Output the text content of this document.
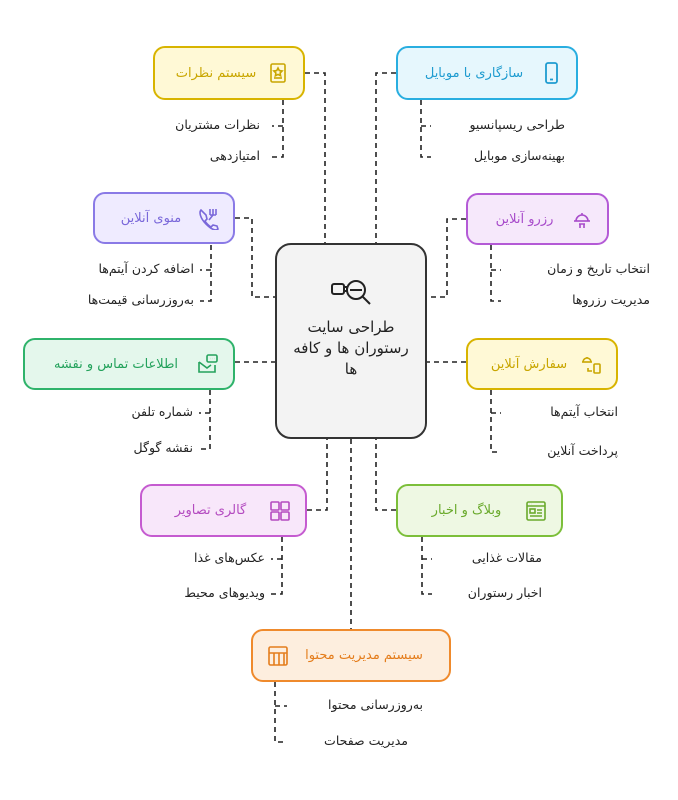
طراحی سایت رستوران ها و کافه ها
سیستم نظرات
نظرات مشتریان
امتیازدهی
سازگاری با موبایل
طراحی ریسپانسیو
بهینه‌سازی موبایل
منوی آنلاین
اضافه کردن آیتم‌ها
به‌روزرسانی قیمت‌ها
رزرو آنلاین
انتخاب تاریخ و زمان
مدیریت رزروها
اطلاعات تماس و نقشه
شماره تلفن
نقشه گوگل
سفارش آنلاین
انتخاب آیتم‌ها
پرداخت آنلاین
گالری تصاویر
عکس‌های غذا
ویدیوهای محیط
وبلاگ و اخبار
مقالات غذایی
اخبار رستوران
سیستم مدیریت محتوا
به‌روزرسانی محتوا
مدیریت صفحات
